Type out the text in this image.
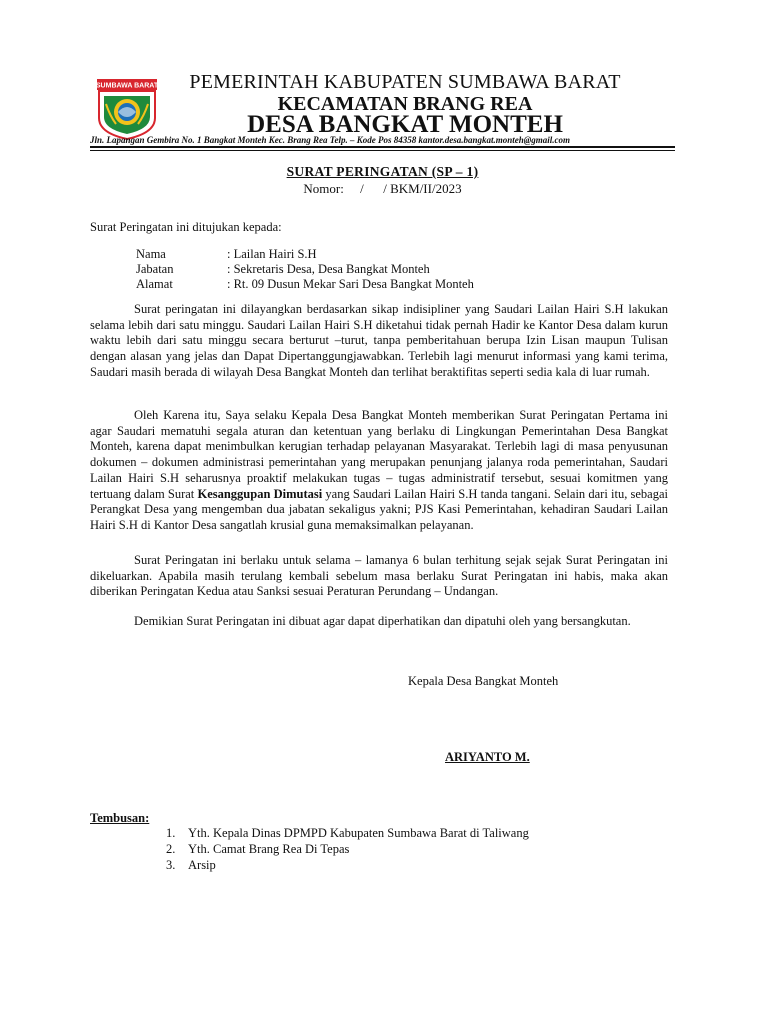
SUMBAWA BARAT	PEMERINTAH KABUPATEN SUMBAWA BARAT
KECAMATAN BRANG REA
DESA BANGKAT MONTEH
Jln. Lapangan Gembira No. 1 Bangkat Monteh Kec. Brang Rea Telp. – Kode Pos 84358 kantor.desa.bangkat.monteh@gmail.com
SURAT PERINGATAN (SP – 1)
Nomor:     /      / BKM/II/2023
Surat Peringatan ini ditujukan kepada:
Nama	: Lailan Hairi S.H
Jabatan	: Sekretaris Desa, Desa Bangkat Monteh
Alamat	: Rt. 09 Dusun Mekar Sari Desa Bangkat Monteh

Surat peringatan ini dilayangkan berdasarkan sikap indisipliner yang Saudari Lailan Hairi S.H lakukan selama lebih dari satu minggu. Saudari Lailan Hairi S.H diketahui tidak pernah Hadir ke Kantor Desa dalam kurun waktu lebih dari satu minggu secara berturut –turut, tanpa pemberitahuan berupa Izin Lisan maupun Tulisan dengan alasan yang jelas dan Dapat Dipertanggungjawabkan. Terlebih lagi menurut informasi yang kami terima, Saudari masih berada di wilayah Desa Bangkat Monteh dan terlihat beraktifitas seperti sedia kala di luar rumah.

Oleh Karena itu, Saya selaku Kepala Desa Bangkat Monteh memberikan Surat Peringatan Pertama ini agar Saudari mematuhi segala aturan dan ketentuan yang berlaku di Lingkungan Pemerintahan Desa Bangkat Monteh, karena dapat menimbulkan kerugian terhadap pelayanan Masyarakat. Terlebih lagi di masa penyusunan dokumen – dokumen administrasi pemerintahan yang merupakan penunjang jalanya roda pemerintahan, Saudari Lailan Hairi S.H seharusnya proaktif melakukan tugas – tugas administratif tersebut, sesuai komitmen yang tertuang dalam Surat Kesanggupan Dimutasi yang Saudari Lailan Hairi S.H tanda tangani. Selain dari itu, sebagai Perangkat Desa yang mengemban dua jabatan sekaligus yakni; PJS Kasi Pemerintahan, kehadiran Saudari Lailan Hairi S.H di Kantor Desa sangatlah krusial guna memaksimalkan pelayanan.

Surat Peringatan ini berlaku untuk selama – lamanya 6 bulan terhitung sejak sejak Surat Peringatan ini dikeluarkan. Apabila masih terulang kembali sebelum masa berlaku Surat Peringatan ini habis, maka akan diberikan Peringatan Kedua atau Sanksi sesuai Peraturan Perundang – Undangan.

Demikian Surat Peringatan ini dibuat agar dapat diperhatikan dan dipatuhi oleh yang bersangkutan.

Kepala Desa Bangkat Monteh
ARIYANTO M.
Tembusan:
1. Yth. Kepala Dinas DPMPD Kabupaten Sumbawa Barat di Taliwang
2. Yth. Camat Brang Rea Di Tepas
3. Arsip
